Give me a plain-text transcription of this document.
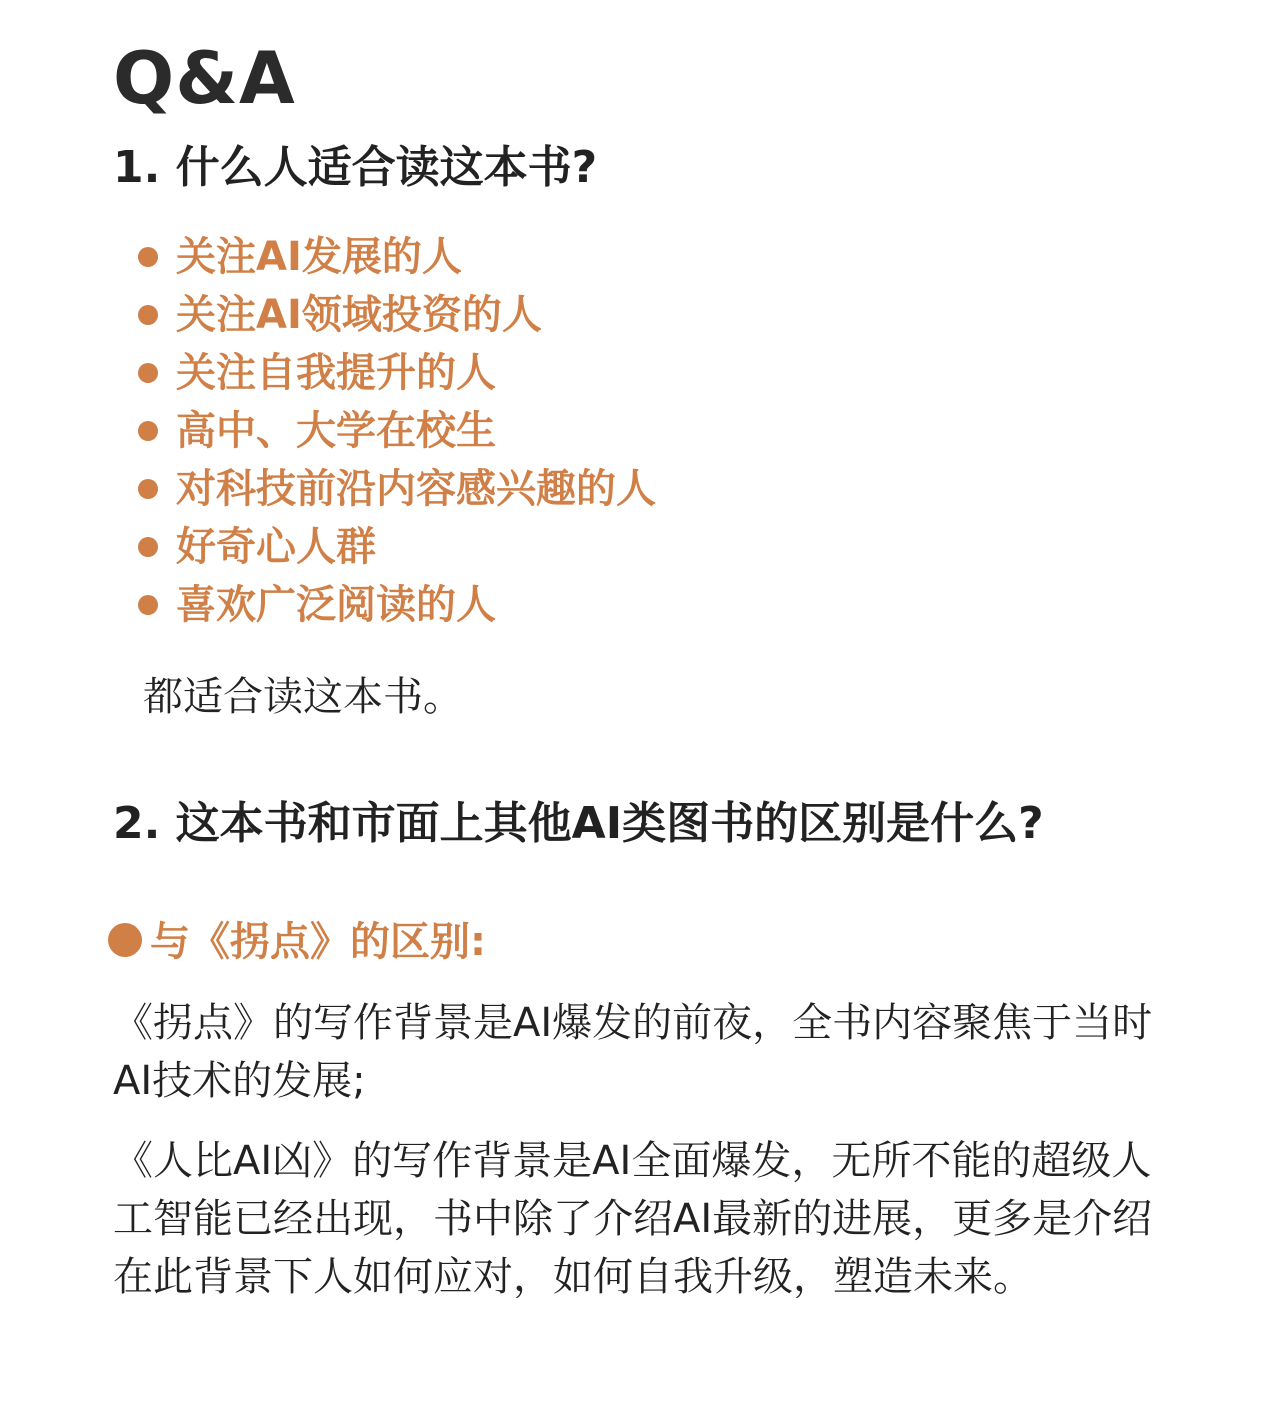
Q&A
1. 什么人适合读这本书?
关注AI发展的人
关注AI领域投资的人
关注自我提升的人
高中、大学在校生
对科技前沿内容感兴趣的人
好奇心人群
喜欢广泛阅读的人
都适合读这本书。
2. 这本书和市面上其他AI类图书的区别是什么?
与《拐点》的区别:

《拐点》的写作背景是AI爆发的前夜，全书内容聚焦于当时AI技术的发展;

《人比AI凶》的写作背景是AI全面爆发，无所不能的超级人工智能已经出现，书中除了介绍AI最新的进展，更多是介绍在此背景下人如何应对，如何自我升级，塑造未来。
